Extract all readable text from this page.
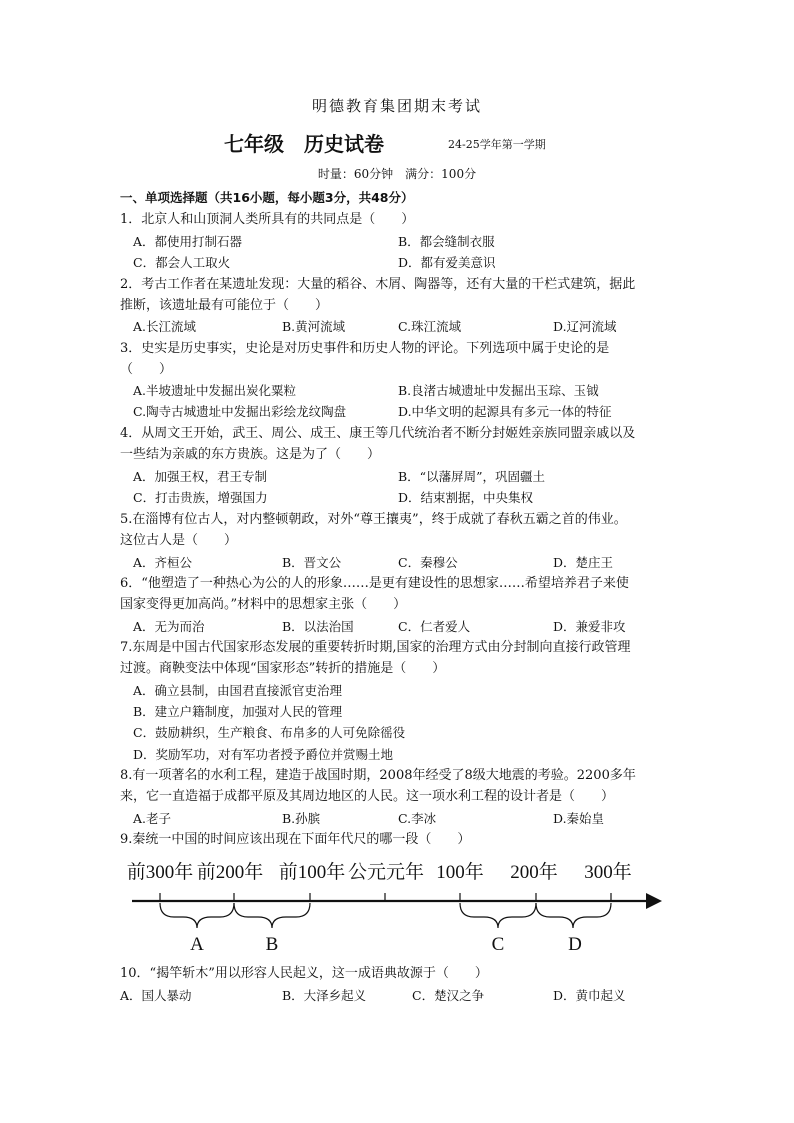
明德教育集团期末考试
七年级　历史试卷	24-25学年第一学期
时量：60分钟　满分：100分
一、单项选择题（共16小题，每小题3分，共48分）
1．北京人和山顶洞人类所具有的共同点是（　　）
A．都使用打制石器	B．都会缝制衣服
C．都会人工取火	D．都有爱美意识
2．考古工作者在某遗址发现：大量的稻谷、木屑、陶器等，还有大量的干栏式建筑，据此
推断，该遗址最有可能位于（　　）
A.长江流域	B.黄河流域	C.珠江流域	D.辽河流域
3．史实是历史事实，史论是对历史事件和历史人物的评论。下列选项中属于史论的是
（　　）
A.半坡遗址中发掘出炭化粟粒	B.良渚古城遗址中发掘出玉琮、玉钺
C.陶寺古城遗址中发掘出彩绘龙纹陶盘	D.中华文明的起源具有多元一体的特征
4．从周文王开始，武王、周公、成王、康王等几代统治者不断分封姬姓亲族同盟亲戚以及
一些结为亲戚的东方贵族。这是为了（　　）
A．加强王权，君王专制	B．“以藩屏周”，巩固疆土
C．打击贵族，增强国力	D．结束割据，中央集权
5.在淄博有位古人，对内整顿朝政，对外“尊王攘夷”，终于成就了春秋五霸之首的伟业。
这位古人是（　　）
A．齐桓公	B．晋文公	C．秦穆公	D．楚庄王
6．“他塑造了一种热心为公的人的形象……是更有建设性的思想家……希望培养君子来使
国家变得更加高尚。”材料中的思想家主张（　　）
A．无为而治	B．以法治国	C．仁者爱人	D．兼爱非攻
7.东周是中国古代国家形态发展的重要转折时期,国家的治理方式由分封制向直接行政管理
过渡。商鞅变法中体现“国家形态”转折的措施是（　　）
A．确立县制，由国君直接派官吏治理
B．建立户籍制度，加强对人民的管理
C．鼓励耕织，生产粮食、布帛多的人可免除徭役
D．奖励军功，对有军功者授予爵位并赏赐土地
8.有一项著名的水利工程，建造于战国时期，2008年经受了8级大地震的考验。2200多年
来，它一直造福于成都平原及其周边地区的人民。这一项水利工程的设计者是（　　）
A.老子	B.孙膑	C.李冰	D.秦始皇
9.秦统一中国的时间应该出现在下面年代尺的哪一段（　　）
前300年 前200年 前100年 公元元年 100年 200年 300年
A	B	C	D
10．“揭竿斩木”用以形容人民起义，这一成语典故源于（　　）
A．国人暴动	B．大泽乡起义	C．楚汉之争	D．黄巾起义
